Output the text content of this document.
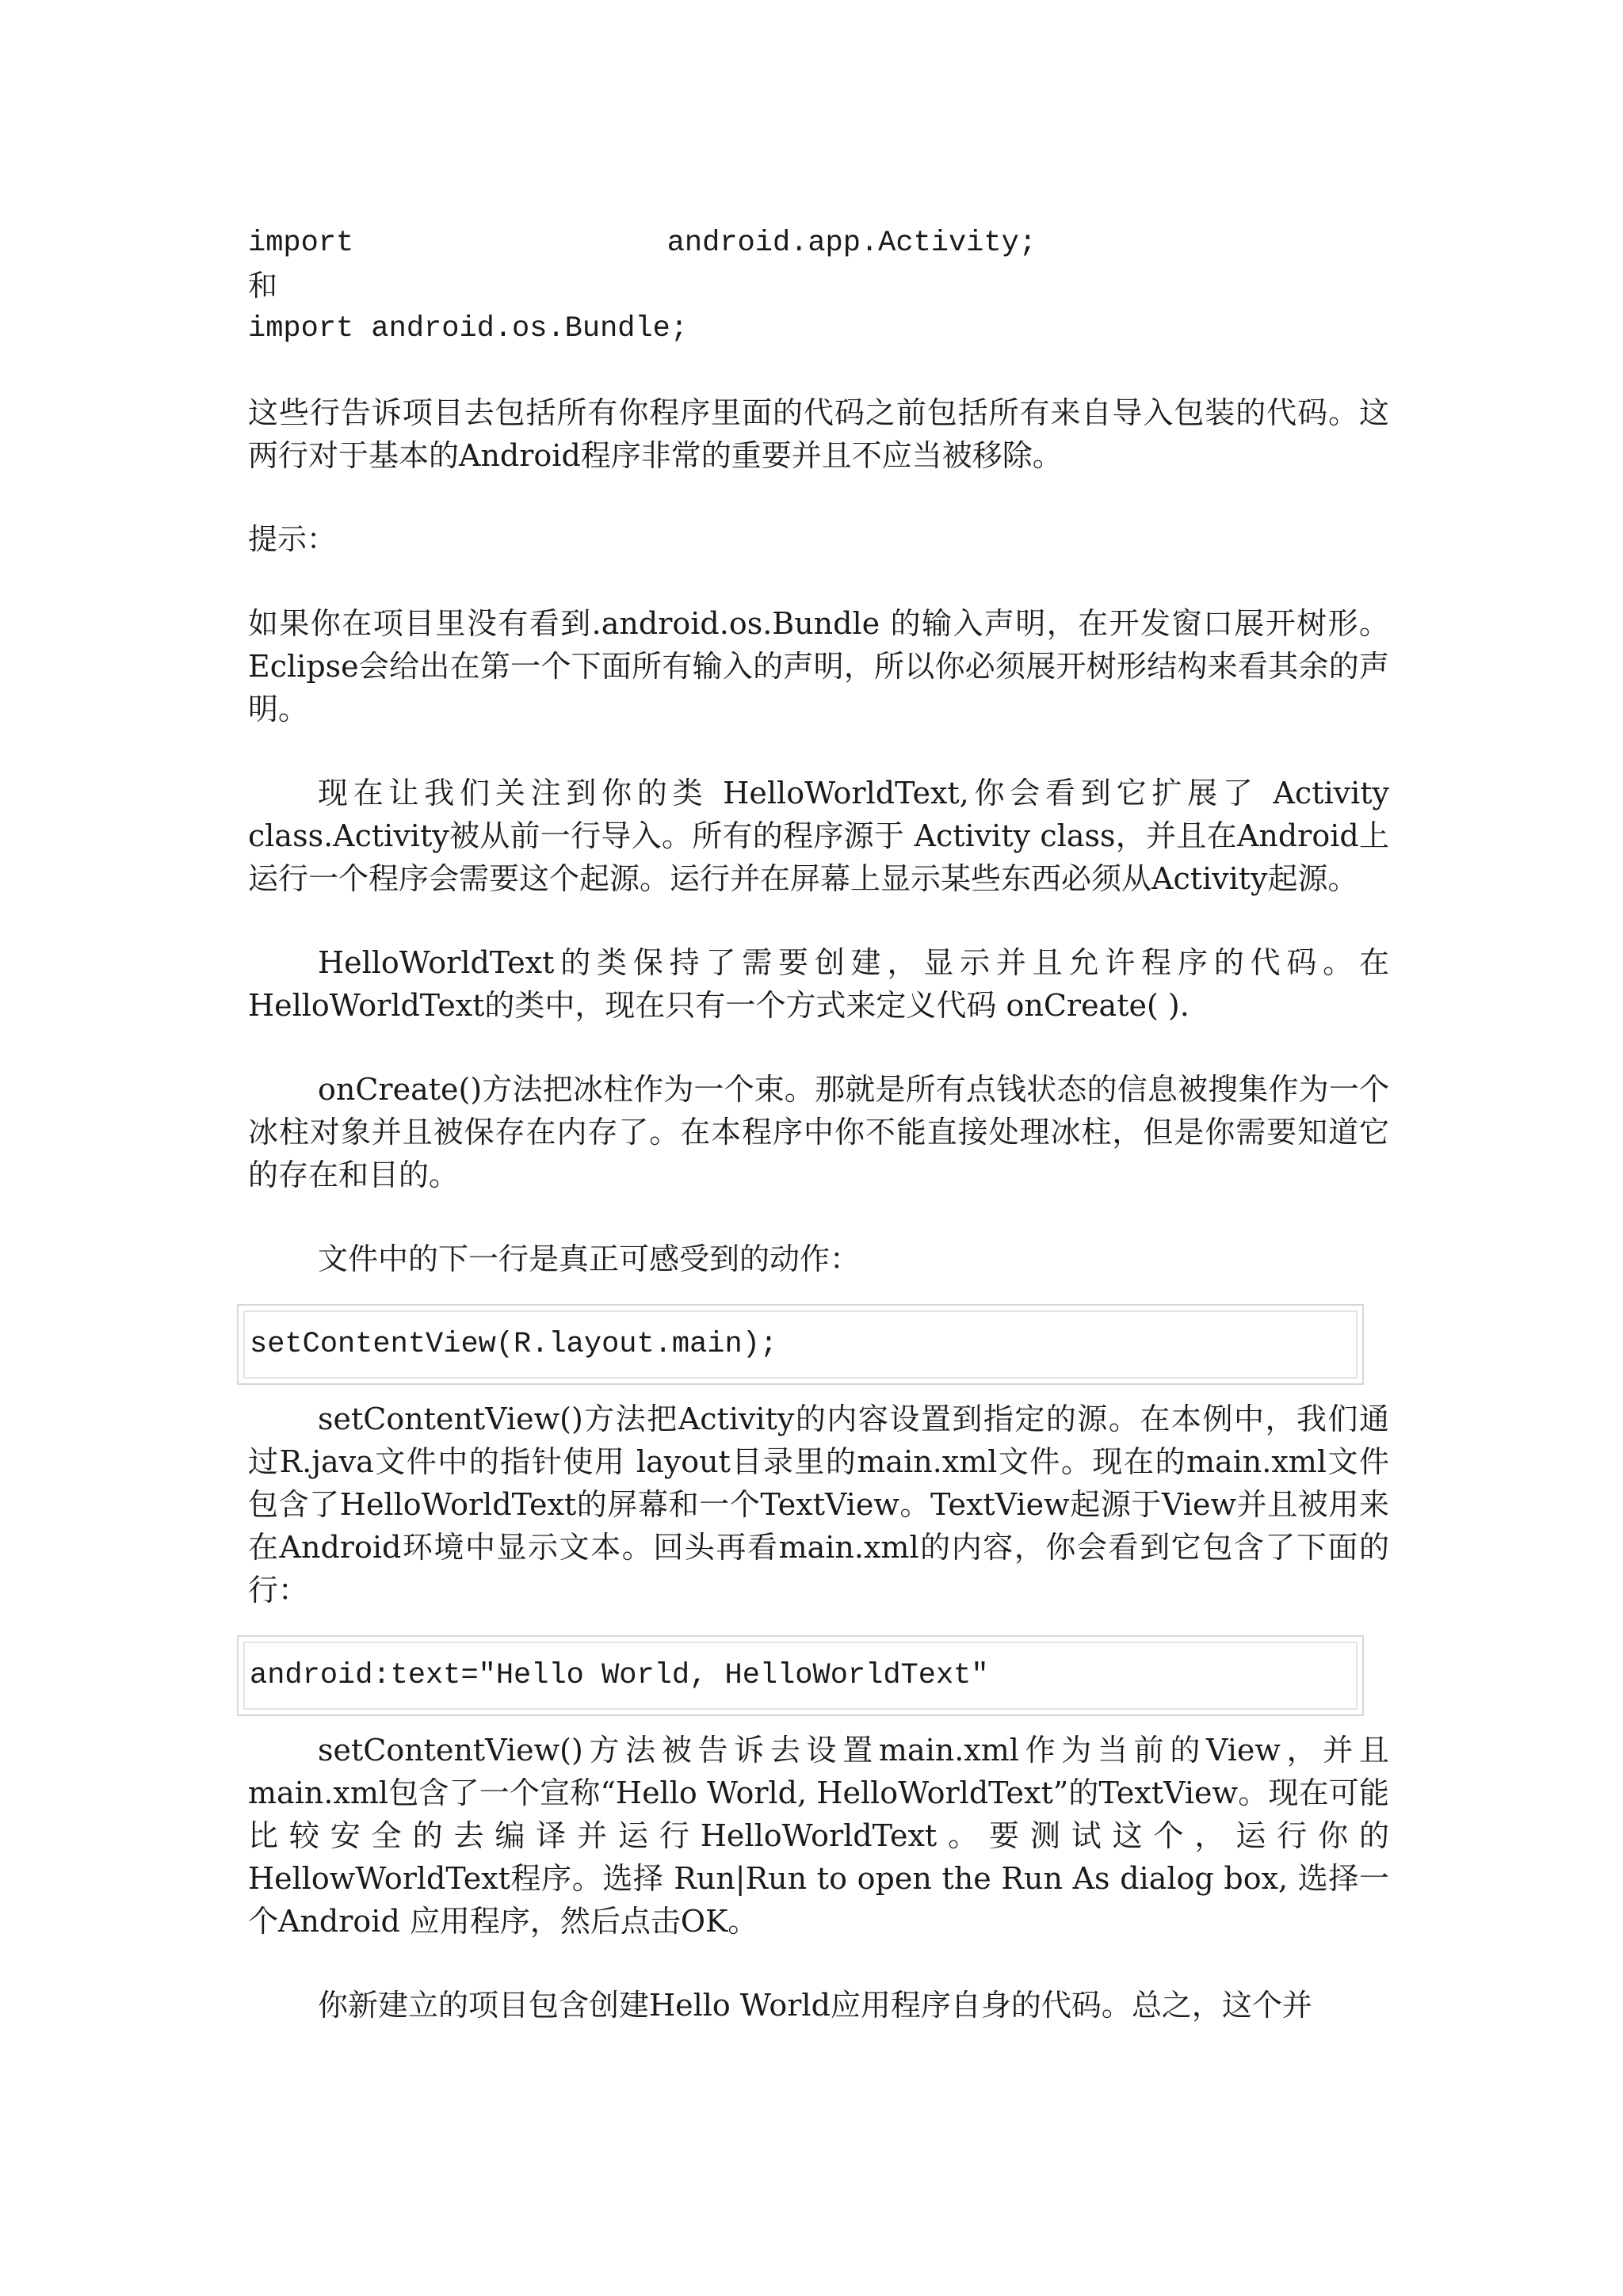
import	android.app.Activity;

和

import android.os.Bundle;

这些行告诉项目去包括所有你程序里面的代码之前包括所有来自导入包装的代码。这两行对于基本的Android程序非常的重要并且不应当被移除。

提示：

如果你在项目里没有看到.android.os.Bundle 的输入声明，在开发窗口展开树形。Eclipse会给出在第一个下面所有输入的声明，所以你必须展开树形结构来看其余的声明。

现在让我们关注到你的类 HelloWorldText,你会看到它扩展了 Activity class.Activity被从前一行导入。所有的程序源于 Activity class，并且在Android上运行一个程序会需要这个起源。运行并在屏幕上显示某些东西必须从Activity起源。

HelloWorldText的类保持了需要创建，显示并且允许程序的代码。在HelloWorldText的类中，现在只有一个方式来定义代码 onCreate( ).

onCreate()方法把冰柱作为一个束。那就是所有点钱状态的信息被搜集作为一个冰柱对象并且被保存在内存了。在本程序中你不能直接处理冰柱，但是你需要知道它的存在和目的。

文件中的下一行是真正可感受到的动作：

setContentView(R.layout.main);

setContentView()方法把Activity的内容设置到指定的源。在本例中，我们通过R.java文件中的指针使用 layout目录里的main.xml文件。现在的main.xml文件包含了HelloWorldText的屏幕和一个TextView。TextView起源于View并且被用来在Android环境中显示文本。回头再看main.xml的内容，你会看到它包含了下面的行：

android:text="Hello World, HelloWorldText"

setContentView()方法被告诉去设置main.xml作为当前的View，并且main.xml包含了一个宣称“Hello World, HelloWorldText”的TextView。现在可能比较安全的去编译并运行HelloWorldText。要测试这个，运行你的HellowWorldText程序。选择 Run|Run to open the Run As dialog box, 选择一个Android 应用程序，然后点击OK。

你新建立的项目包含创建Hello World应用程序自身的代码。总之，这个并
